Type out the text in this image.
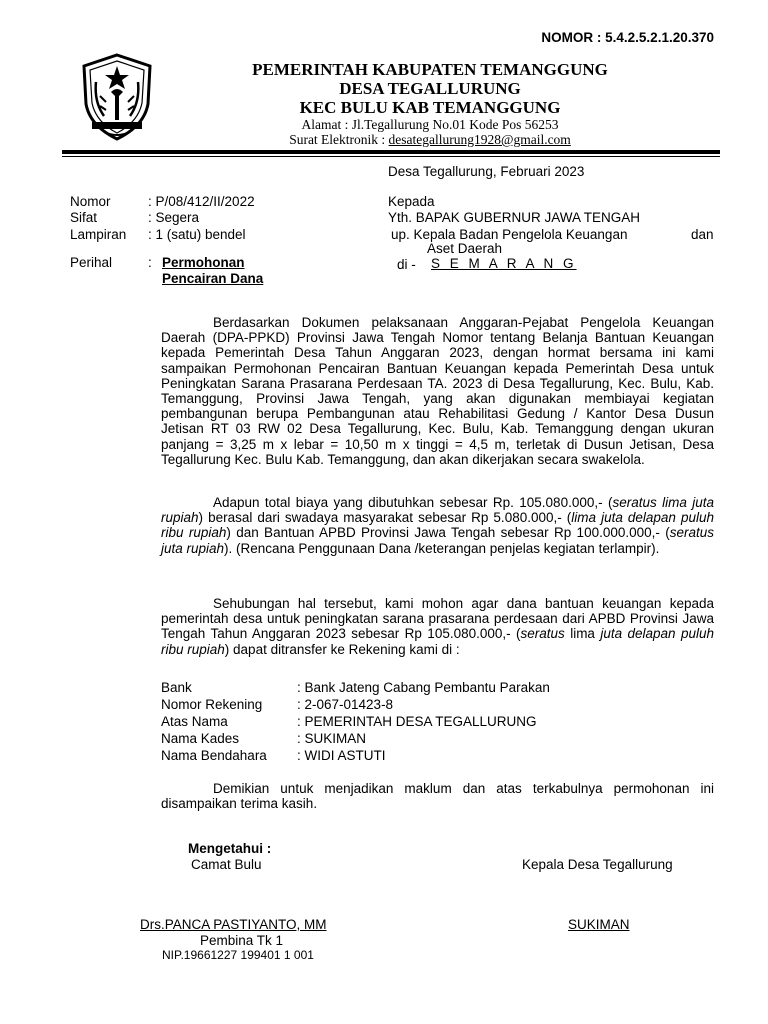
NOMOR : 5.4.2.5.2.1.20.370
PEMERINTAH KABUPATEN TEMANGGUNG
DESA TEGALLURUNG
KEC BULU KAB TEMANGGUNG
Alamat : Jl.Tegallurung No.01 Kode Pos 56253
Surat Elektronik : desategallurung1928@gmail.com
Desa Tegallurung, Februari 2023
Nomor	: P/08/412/II/2022
Sifat	: Segera
Lampiran : 1 (satu) bendel
Perihal	: Permohonan
Pencairan Dana
Kepada
Yth. BAPAK GUBERNUR JAWA TENGAH
up. Kepala Badan Pengelola Keuangan	dan
Aset Daerah
di - S E M A R A N G
Berdasarkan Dokumen pelaksanaan Anggaran-Pejabat Pengelola Keuangan Daerah (DPA-PPKD) Provinsi Jawa Tengah Nomor tentang Belanja Bantuan Keuangan kepada Pemerintah Desa Tahun Anggaran 2023, dengan hormat bersama ini kami sampaikan Permohonan Pencairan Bantuan Keuangan kepada Pemerintah Desa untuk Peningkatan Sarana Prasarana Perdesaan TA. 2023 di Desa Tegallurung, Kec. Bulu, Kab. Temanggung, Provinsi Jawa Tengah, yang akan digunakan membiayai kegiatan pembangunan berupa Pembangunan atau Rehabilitasi Gedung / Kantor Desa Dusun Jetisan RT 03 RW 02 Desa Tegallurung, Kec. Bulu, Kab. Temanggung dengan ukuran panjang = 3,25 m x lebar = 10,50 m x tinggi = 4,5 m, terletak di Dusun Jetisan, Desa Tegallurung Kec. Bulu Kab. Temanggung, dan akan dikerjakan secara swakelola.
Adapun total biaya yang dibutuhkan sebesar Rp. 105.080.000,- (seratus lima juta rupiah) berasal dari swadaya masyarakat sebesar Rp 5.080.000,- (lima juta delapan puluh ribu rupiah) dan Bantuan APBD Provinsi Jawa Tengah sebesar Rp 100.000.000,- (seratus juta rupiah). (Rencana Penggunaan Dana /keterangan penjelas kegiatan terlampir).
Sehubungan hal tersebut, kami mohon agar dana bantuan keuangan kepada pemerintah desa untuk peningkatan sarana prasarana perdesaan dari APBD Provinsi Jawa Tengah Tahun Anggaran 2023 sebesar Rp 105.080.000,- (seratus lima juta delapan puluh ribu rupiah) dapat ditransfer ke Rekening kami di :
Bank	: Bank Jateng Cabang Pembantu Parakan
Nomor Rekening	: 2-067-01423-8
Atas Nama	: PEMERINTAH DESA TEGALLURUNG
Nama Kades	: SUKIMAN
Nama Bendahara : WIDI ASTUTI
Demikian untuk menjadikan maklum dan atas terkabulnya permohonan ini disampaikan terima kasih.
Mengetahui :
Camat Bulu	Kepala Desa Tegallurung
Drs.PANCA PASTIYANTO, MM	SUKIMAN
Pembina Tk 1
NIP.19661227 199401 1 001
